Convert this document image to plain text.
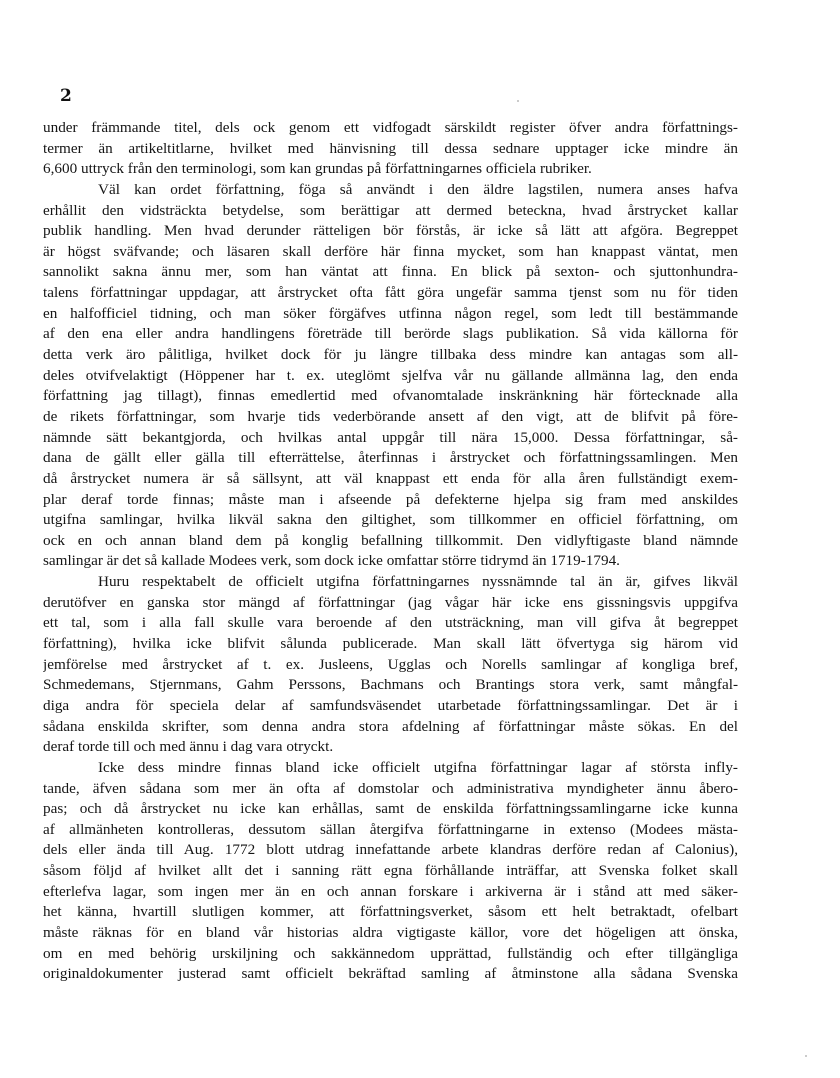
2
under främmande titel, dels ock genom ett vidfogadt särskildt register öfver andra författnings-
termer än artikeltitlarne, hvilket med hänvisning till dessa sednare upptager icke mindre än
6,600 uttryck från den terminologi, som kan grundas på författningarnes officiela rubriker.
Väl kan ordet författning, föga så användt i den äldre lagstilen, numera anses hafva
erhållit den vidsträckta betydelse, som berättigar att dermed beteckna, hvad årstrycket kallar
publik handling. Men hvad derunder rätteligen bör förstås, är icke så lätt att afgöra. Begreppet
är högst sväfvande; och läsaren skall derföre här finna mycket, som han knappast väntat, men
sannolikt sakna ännu mer, som han väntat att finna. En blick på sexton- och sjuttonhundra-
talens författningar uppdagar, att årstrycket ofta fått göra ungefär samma tjenst som nu för tiden
en halfofficiel tidning, och man söker förgäfves utfinna någon regel, som ledt till bestämmande
af den ena eller andra handlingens företräde till berörde slags publikation. Så vida källorna för
detta verk äro pålitliga, hvilket dock för ju längre tillbaka dess mindre kan antagas som all-
deles otvifvelaktigt (Höppener har t. ex. uteglömt sjelfva vår nu gällande allmänna lag, den enda
författning jag tillagt), finnas emedlertid med ofvanomtalade inskränkning här förtecknade alla
de rikets författningar, som hvarje tids vederbörande ansett af den vigt, att de blifvit på före-
nämnde sätt bekantgjorda, och hvilkas antal uppgår till nära 15,000. Dessa författningar, så-
dana de gällt eller gälla till efterrättelse, återfinnas i årstrycket och författningssamlingen. Men
då årstrycket numera är så sällsynt, att väl knappast ett enda för alla åren fullständigt exem-
plar deraf torde finnas; måste man i afseende på defekterne hjelpa sig fram med anskildes
utgifna samlingar, hvilka likväl sakna den giltighet, som tillkommer en officiel författning, om
ock en och annan bland dem på konglig befallning tillkommit. Den vidlyftigaste bland nämnde
samlingar är det så kallade Modees verk, som dock icke omfattar större tidrymd än 1719-1794.
Huru respektabelt de officielt utgifna författningarnes nyssnämnde tal än är, gifves likväl
derutöfver en ganska stor mängd af författningar (jag vågar här icke ens gissningsvis uppgifva
ett tal, som i alla fall skulle vara beroende af den utsträckning, man vill gifva åt begreppet
författning), hvilka icke blifvit sålunda publicerade. Man skall lätt öfvertyga sig härom vid
jemförelse med årstrycket af t. ex. Jusleens, Ugglas och Norells samlingar af kongliga bref,
Schmedemans, Stjernmans, Gahm Perssons, Bachmans och Brantings stora verk, samt mångfal-
diga andra för speciela delar af samfundsväsendet utarbetade författningssamlingar. Det är i
sådana enskilda skrifter, som denna andra stora afdelning af författningar måste sökas. En del
deraf torde till och med ännu i dag vara otryckt.
Icke dess mindre finnas bland icke officielt utgifna författningar lagar af största infly-
tande, äfven sådana som mer än ofta af domstolar och administrativa myndigheter ännu åbero-
pas; och då årstrycket nu icke kan erhållas, samt de enskilda författningssamlingarne icke kunna
af allmänheten kontrolleras, dessutom sällan återgifva författningarne in extenso (Modees mästa-
dels eller ända till Aug. 1772 blott utdrag innefattande arbete klandras derföre redan af Calonius),
såsom följd af hvilket allt det i sanning rätt egna förhållande inträffar, att Svenska folket skall
efterlefva lagar, som ingen mer än en och annan forskare i arkiverna är i stånd att med säker-
het känna, hvartill slutligen kommer, att författningsverket, såsom ett helt betraktadt, ofelbart
måste räknas för en bland vår historias aldra vigtigaste källor, vore det högeligen att önska,
om en med behörig urskiljning och sakkännedom upprättad, fullständig och efter tillgängliga
originaldokumenter justerad samt officielt bekräftad samling af åtminstone alla sådana Svenska
